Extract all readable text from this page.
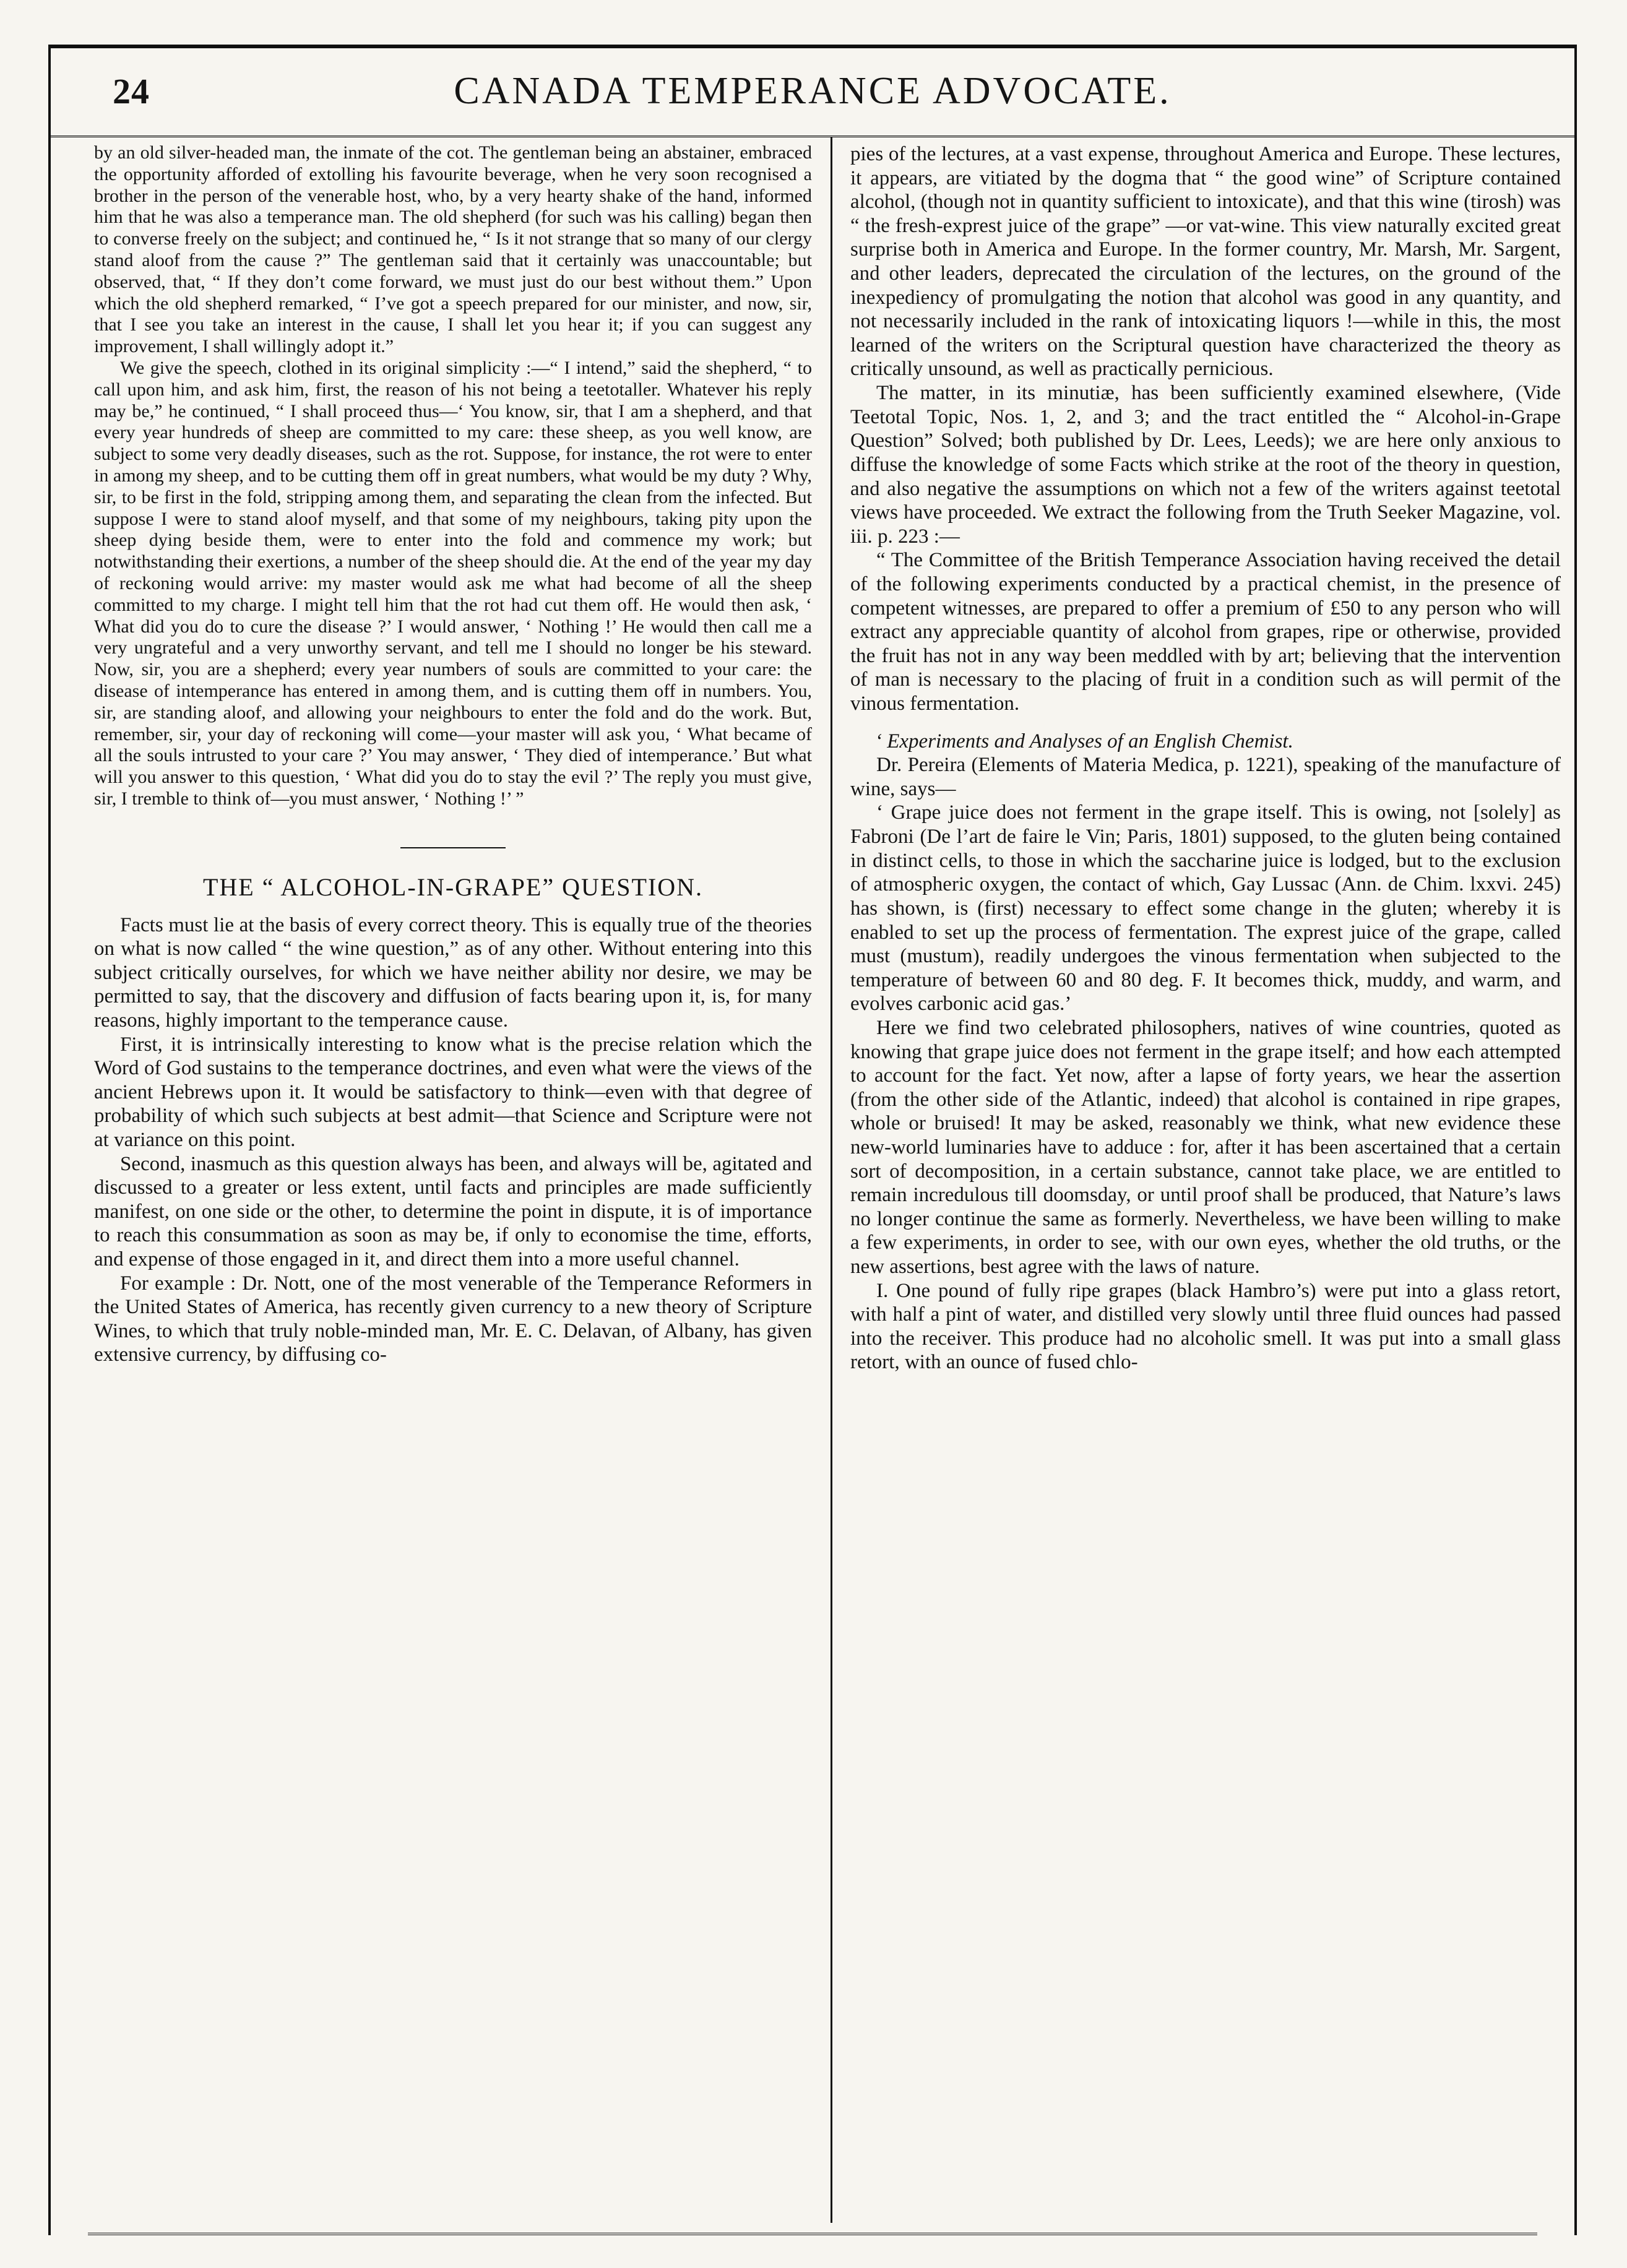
24	CANADA TEMPERANCE ADVOCATE.

by an old silver-headed man, the inmate of the cot. The gentleman being an abstainer, embraced the opportunity afforded of extolling his favourite beverage, when he very soon recognised a brother in the person of the venerable host, who, by a very hearty shake of the hand, informed him that he was also a temperance man. The old shepherd (for such was his calling) began then to converse freely on the subject; and continued he, “ Is it not strange that so many of our clergy stand aloof from the cause ?” The gentleman said that it certainly was unaccountable; but observed, that, “ If they don’t come forward, we must just do our best without them.” Upon which the old shepherd remarked, “ I’ve got a speech prepared for our minister, and now, sir, that I see you take an interest in the cause, I shall let you hear it; if you can suggest any improvement, I shall willingly adopt it.”

We give the speech, clothed in its original simplicity :—“ I intend,” said the shepherd, “ to call upon him, and ask him, first, the reason of his not being a teetotaller. Whatever his reply may be,” he continued, “ I shall proceed thus—‘ You know, sir, that I am a shepherd, and that every year hundreds of sheep are committed to my care: these sheep, as you well know, are subject to some very deadly diseases, such as the rot. Suppose, for instance, the rot were to enter in among my sheep, and to be cutting them off in great numbers, what would be my duty ? Why, sir, to be first in the fold, stripping among them, and separating the clean from the infected. But suppose I were to stand aloof myself, and that some of my neighbours, taking pity upon the sheep dying beside them, were to enter into the fold and commence my work; but notwithstanding their exertions, a number of the sheep should die. At the end of the year my day of reckoning would arrive: my master would ask me what had become of all the sheep committed to my charge. I might tell him that the rot had cut them off. He would then ask, ‘ What did you do to cure the disease ?’ I would answer, ‘ Nothing !’ He would then call me a very ungrateful and a very unworthy servant, and tell me I should no longer be his steward. Now, sir, you are a shepherd; every year numbers of souls are committed to your care: the disease of intemperance has entered in among them, and is cutting them off in numbers. You, sir, are standing aloof, and allowing your neighbours to enter the fold and do the work. But, remember, sir, your day of reckoning will come—your master will ask you, ‘ What became of all the souls intrusted to your care ?’ You may answer, ‘ They died of intemperance.’ But what will you answer to this question, ‘ What did you do to stay the evil ?’ The reply you must give, sir, I tremble to think of—you must answer, ‘ Nothing !’ ”

THE “ ALCOHOL-IN-GRAPE” QUESTION.

Facts must lie at the basis of every correct theory. This is equally true of the theories on what is now called “ the wine question,” as of any other. Without entering into this subject critically ourselves, for which we have neither ability nor desire, we may be permitted to say, that the discovery and diffusion of facts bearing upon it, is, for many reasons, highly important to the temperance cause.

First, it is intrinsically interesting to know what is the precise relation which the Word of God sustains to the temperance doctrines, and even what were the views of the ancient Hebrews upon it. It would be satisfactory to think—even with that degree of probability of which such subjects at best admit—that Science and Scripture were not at variance on this point.

Second, inasmuch as this question always has been, and always will be, agitated and discussed to a greater or less extent, until facts and principles are made sufficiently manifest, on one side or the other, to determine the point in dispute, it is of importance to reach this consummation as soon as may be, if only to economise the time, efforts, and expense of those engaged in it, and direct them into a more useful channel.

For example : Dr. Nott, one of the most venerable of the Temperance Reformers in the United States of America, has recently given currency to a new theory of Scripture Wines, to which that truly noble-minded man, Mr. E. C. Delavan, of Albany, has given extensive currency, by diffusing co-

pies of the lectures, at a vast expense, throughout America and Europe. These lectures, it appears, are vitiated by the dogma that “ the good wine” of Scripture contained alcohol, (though not in quantity sufficient to intoxicate), and that this wine (tirosh) was “ the fresh-exprest juice of the grape” —or vat-wine. This view naturally excited great surprise both in America and Europe. In the former country, Mr. Marsh, Mr. Sargent, and other leaders, deprecated the circulation of the lectures, on the ground of the inexpediency of promulgating the notion that alcohol was good in any quantity, and not necessarily included in the rank of intoxicating liquors !—while in this, the most learned of the writers on the Scriptural question have characterized the theory as critically unsound, as well as practically pernicious.

The matter, in its minutiæ, has been sufficiently examined elsewhere, (Vide Teetotal Topic, Nos. 1, 2, and 3; and the tract entitled the “ Alcohol-in-Grape Question” Solved; both published by Dr. Lees, Leeds); we are here only anxious to diffuse the knowledge of some Facts which strike at the root of the theory in question, and also negative the assumptions on which not a few of the writers against teetotal views have proceeded. We extract the following from the Truth Seeker Magazine, vol. iii. p. 223 :—

“ The Committee of the British Temperance Association having received the detail of the following experiments conducted by a practical chemist, in the presence of competent witnesses, are prepared to offer a premium of £50 to any person who will extract any appreciable quantity of alcohol from grapes, ripe or otherwise, provided the fruit has not in any way been meddled with by art; believing that the intervention of man is necessary to the placing of fruit in a condition such as will permit of the vinous fermentation.

‘ Experiments and Analyses of an English Chemist.

Dr. Pereira (Elements of Materia Medica, p. 1221), speaking of the manufacture of wine, says—

‘ Grape juice does not ferment in the grape itself. This is owing, not [solely] as Fabroni (De l’art de faire le Vin; Paris, 1801) supposed, to the gluten being contained in distinct cells, to those in which the saccharine juice is lodged, but to the exclusion of atmospheric oxygen, the contact of which, Gay Lussac (Ann. de Chim. lxxvi. 245) has shown, is (first) necessary to effect some change in the gluten; whereby it is enabled to set up the process of fermentation. The exprest juice of the grape, called must (mustum), readily undergoes the vinous fermentation when subjected to the temperature of between 60 and 80 deg. F. It becomes thick, muddy, and warm, and evolves carbonic acid gas.’

Here we find two celebrated philosophers, natives of wine countries, quoted as knowing that grape juice does not ferment in the grape itself; and how each attempted to account for the fact. Yet now, after a lapse of forty years, we hear the assertion (from the other side of the Atlantic, indeed) that alcohol is contained in ripe grapes, whole or bruised! It may be asked, reasonably we think, what new evidence these new-world luminaries have to adduce : for, after it has been ascertained that a certain sort of decomposition, in a certain substance, cannot take place, we are entitled to remain incredulous till doomsday, or until proof shall be produced, that Nature’s laws no longer continue the same as formerly. Nevertheless, we have been willing to make a few experiments, in order to see, with our own eyes, whether the old truths, or the new assertions, best agree with the laws of nature.

I. One pound of fully ripe grapes (black Hambro’s) were put into a glass retort, with half a pint of water, and distilled very slowly until three fluid ounces had passed into the receiver. This produce had no alcoholic smell. It was put into a small glass retort, with an ounce of fused chlo-
